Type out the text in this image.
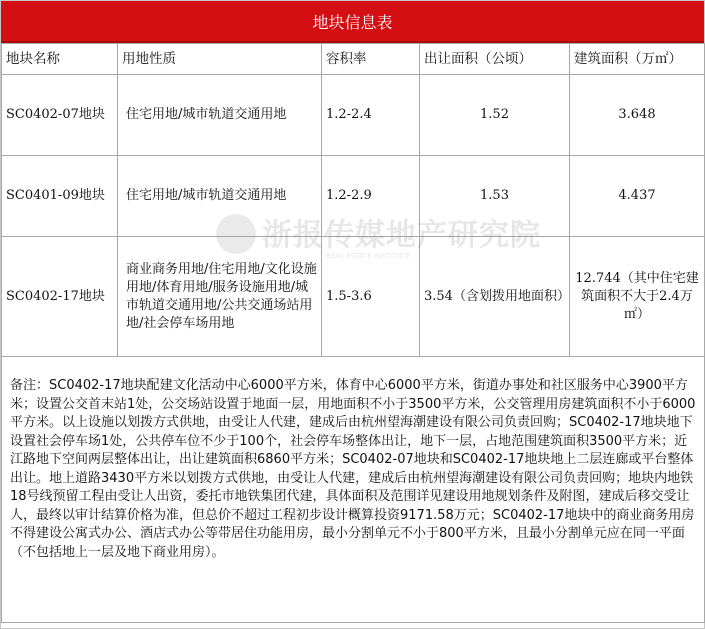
地块信息表
地块名称	用地性质	容积率	出让面积（公顷）	建筑面积（万㎡）
SC0402-07地块	住宅用地/城市轨道交通用地	1.2-2.4	1.52	3.648
SC0401-09地块	住宅用地/城市轨道交通用地	1.2-2.9	1.53	4.437
SC0402-17地块	商业商务用地/住宅用地/文化设施用地/体育用地/服务设施用地/城市轨道交通用地/公共交通场站用地/社会停车场用地	1.5-3.6	3.54（含划拨用地面积）	12.744（其中住宅建筑面积不大于2.4万㎡）
备注：SC0402-17地块配建文化活动中心6000平方米，体育中心6000平方米，街道办事处和社区服务中心3900平方米；设置公交首末站1处，公交场站设置于地面一层，用地面积不小于3500平方米，公交管理用房建筑面积不小于6000平方米。以上设施以划拨方式供地，由受让人代建，建成后由杭州望海潮建设有限公司负责回购；SC0402-17地块地下设置社会停车场1处，公共停车位不少于100个，社会停车场整体出让，地下一层，占地范围建筑面积3500平方米；近江路地下空间两层整体出让，出让建筑面积6860平方米；SC0402-07地块和SC0402-17地块地上二层连廊或平台整体出让。地上道路3430平方米以划拨方式供地，由受让人代建，建成后由杭州望海潮建设有限公司负责回购；地块内地铁18号线预留工程由受让人出资，委托市地铁集团代建，具体面积及范围详见建设用地规划条件及附图，建成后移交受让人，最终以审计结算价格为准，但总价不超过工程初步设计概算投资9171.58万元；SC0402-17地块中的商业商务用房不得建设公寓式办公、酒店式办公等带居住功能用房，最小分割单元不小于800平方米，且最小分割单元应在同一平面（不包括地上一层及地下商业用房）。				
浙报传媒地产研究院
REAL ESTATE INSTITUTE
